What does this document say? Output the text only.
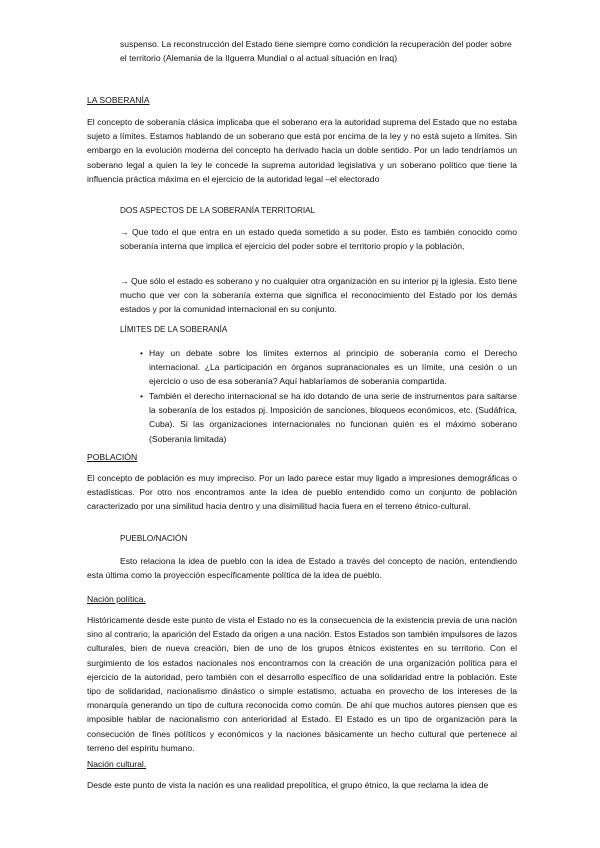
suspenso. La reconstrucción del Estado tiene siempre como condición la recuperación del poder sobre el territorio (Alemania de la IIguerra Mundial o al actual situación en Iraq)

LA SOBERANÍA

El concepto de soberanía clásica implicaba que el soberano era la autoridad suprema del Estado que no estaba sujeto a límites. Estamos hablando de un soberano que está por encima de la ley y no está sujeto a límites. Sin embargo en la evolución moderna del concepto ha derivado hacia un doble sentido. Por un lado tendríamos un soberano legal a quien la ley le concede la suprema autoridad legislativa y un soberano político que tiene la influencia práctica máxima en el ejercicio de la autoridad legal –el electorado

DOS ASPECTOS DE LA SOBERANÍA TERRITORIAL

→ Que todo el que entra en un estado queda sometido a su poder. Esto es también conocido como soberanía interna que implica el ejercicio del poder sobre el territorio propio y la población,

→ Que sólo el estado es soberano y no cualquier otra organización en su interior pj la iglesia. Esto tiene mucho que ver con la soberanía externa que significa el reconocimiento del Estado por los demás estados y por la comunidad internacional en su conjunto.

LÍMITES DE LA SOBERANÍA
• Hay un debate sobre los límites externos al principio de soberanía como el Derecho internacional. ¿La participación en órganos supranacionales es un límite, una cesión o un ejercicio o uso de esa soberanía? Aquí hablaríamos de soberanía compartida.
• También el derecho internacional se ha ido dotando de una serie de instrumentos para saltarse la soberanía de los estados pj. Imposición de sanciones, bloqueos económicos, etc. (Sudáfrica, Cuba). Si las organizaciones internacionales no funcionan quién es el máximo soberano (Soberanía limitada)
POBLACIÓN

El concepto de población es muy impreciso. Por un lado parece estar muy ligado a impresiones demográficas o estadísticas. Por otro nos encontramos ante la idea de pueblo entendido como un conjunto de población caracterizado por una similitud hacia dentro y una disimilitud hacia fuera en el terreno étnico-cultural.

PUEBLO/NACIÓN

Esto relaciona la idea de pueblo con la idea de Estado a través del concepto de nación, entendiendo esta última como la proyección específicamente política de la idea de pueblo.

Nación política.

Históricamente desde este punto de vista el Estado no es la consecuencia de la existencia previa de una nación sino al contrario, la aparición del Estado da origen a una nación. Estos Estados son también impulsores de lazos culturales, bien de nueva creación, bien de uno de los grupos étnicos existentes en su territorio. Con el surgimiento de los estados nacionales nos encontramos con la creación de una organización política para el ejercicio de la autoridad, pero también con el desarrollo específico de una solidaridad entre la población. Este tipo de solidaridad, nacionalismo dinástico o simple estatismo, actuaba en provecho de los intereses de la monarquía generando un tipo de cultura reconocida como común. De ahí que muchos autores piensen que es imposible hablar de nacionalismo con anterioridad al Estado. El Estado es un tipo de organización para la consecución de fines políticos y económicos y la naciones básicamente un hecho cultural que pertenece al terreno del espíritu humano.

Nación cultural.

Desde este punto de vista la nación es una realidad prepolítica, el grupo étnico, la que reclama la idea de
